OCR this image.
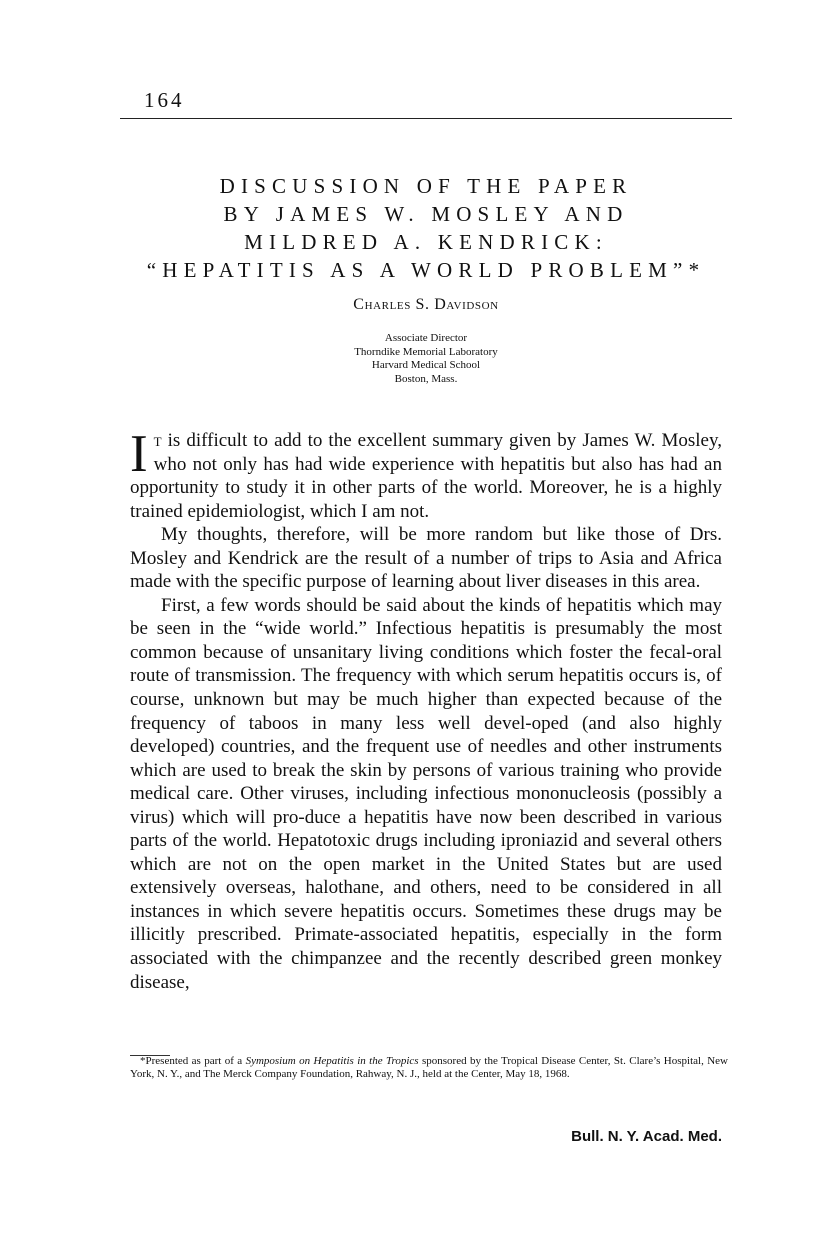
164

DISCUSSION OF THE PAPER
BY JAMES W. MOSLEY AND
MILDRED A. KENDRICK:
“HEPATITIS AS A WORLD PROBLEM”*

Charles S. Davidson

Associate Director
Thorndike Memorial Laboratory
Harvard Medical School
Boston, Mass.

It is difficult to add to the excellent summary given by James W. Mosley, who not only has had wide experience with hepatitis but also has had an opportunity to study it in other parts of the world. Moreover, he is a highly trained epidemiologist, which I am not.

My thoughts, therefore, will be more random but like those of Drs. Mosley and Kendrick are the result of a number of trips to Asia and Africa made with the specific purpose of learning about liver diseases in this area.

First, a few words should be said about the kinds of hepatitis which may be seen in the “wide world.” Infectious hepatitis is presumably the most common because of unsanitary living conditions which foster the fecal-oral route of transmission. The frequency with which serum hepatitis occurs is, of course, unknown but may be much higher than expected because of the frequency of taboos in many less well devel-oped (and also highly developed) countries, and the frequent use of needles and other instruments which are used to break the skin by persons of various training who provide medical care. Other viruses, including infectious mononucleosis (possibly a virus) which will pro-duce a hepatitis have now been described in various parts of the world. Hepatotoxic drugs including iproniazid and several others which are not on the open market in the United States but are used extensively overseas, halothane, and others, need to be considered in all instances in which severe hepatitis occurs. Sometimes these drugs may be illicitly prescribed. Primate-associated hepatitis, especially in the form associated with the chimpanzee and the recently described green monkey disease,

*Presented as part of a Symposium on Hepatitis in the Tropics sponsored by the Tropical Disease Center, St. Clare’s Hospital, New York, N. Y., and The Merck Company Foundation, Rahway, N. J., held at the Center, May 18, 1968.

Bull. N. Y. Acad. Med.
